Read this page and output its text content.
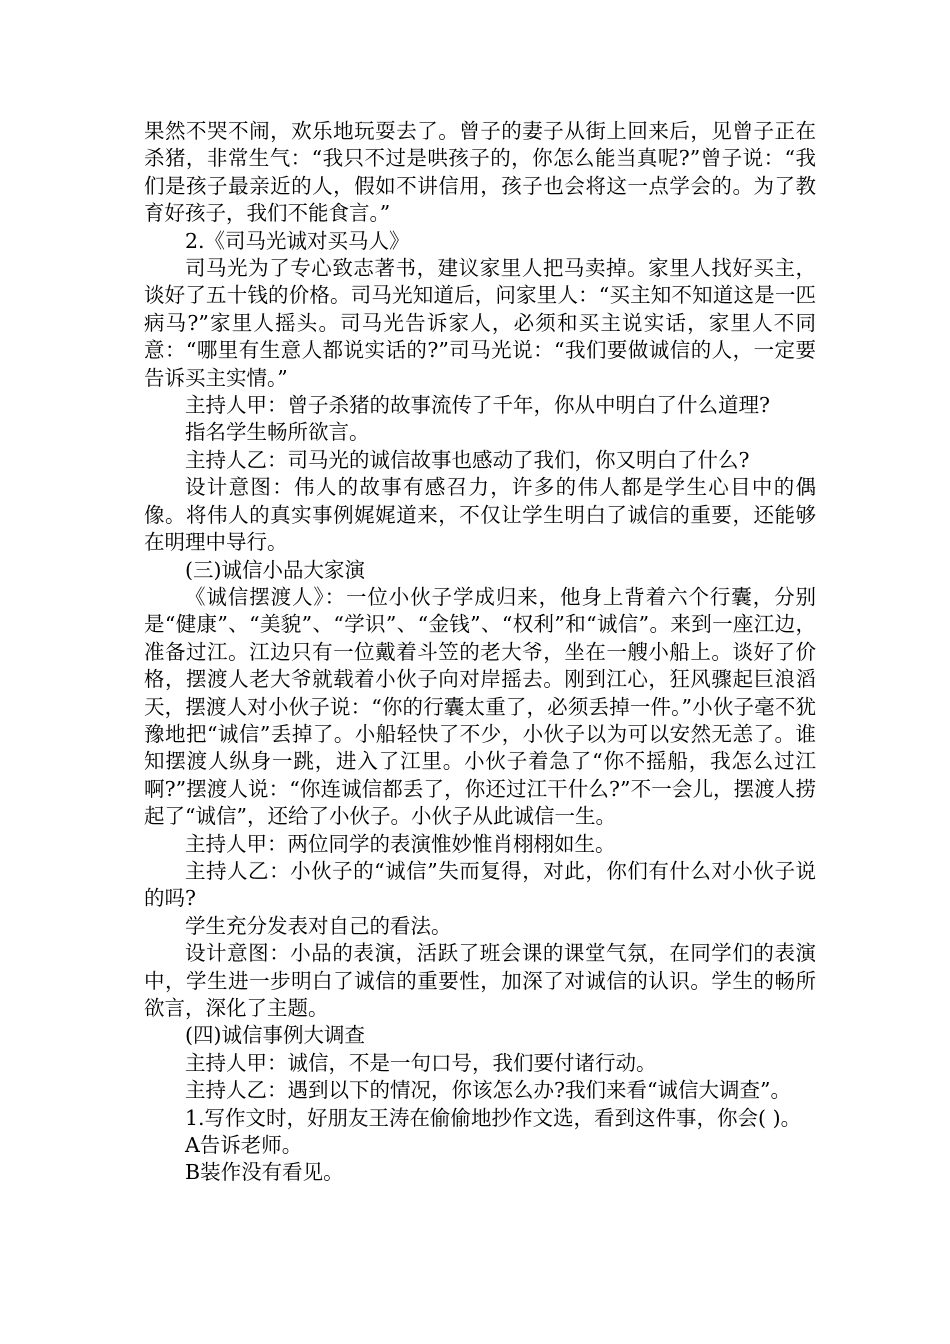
果然不哭不闹，欢乐地玩耍去了。曾子的妻子从街上回来后，见曾子正在杀猪，非常生气：“我只不过是哄孩子的，你怎么能当真呢?”曾子说：“我们是孩子最亲近的人，假如不讲信用，孩子也会将这一点学会的。为了教育好孩子，我们不能食言。”

2.《司马光诚对买马人》

司马光为了专心致志著书，建议家里人把马卖掉。家里人找好买主，谈好了五十钱的价格。司马光知道后，问家里人：“买主知不知道这是一匹病马?”家里人摇头。司马光告诉家人，必须和买主说实话，家里人不同意：“哪里有生意人都说实话的?”司马光说：“我们要做诚信的人，一定要告诉买主实情。”

主持人甲：曾子杀猪的故事流传了千年，你从中明白了什么道理?

指名学生畅所欲言。

主持人乙：司马光的诚信故事也感动了我们，你又明白了什么?

设计意图：伟人的故事有感召力，许多的伟人都是学生心目中的偶像。将伟人的真实事例娓娓道来，不仅让学生明白了诚信的重要，还能够在明理中导行。

(三)诚信小品大家演

《诚信摆渡人》：一位小伙子学成归来，他身上背着六个行囊，分别是“健康”、“美貌”、“学识”、“金钱”、“权利”和“诚信”。来到一座江边，准备过江。江边只有一位戴着斗笠的老大爷，坐在一艘小船上。谈好了价格，摆渡人老大爷就载着小伙子向对岸摇去。刚到江心，狂风骤起巨浪滔天，摆渡人对小伙子说：“你的行囊太重了，必须丢掉一件。”小伙子毫不犹豫地把“诚信”丢掉了。小船轻快了不少，小伙子以为可以安然无恙了。谁知摆渡人纵身一跳，进入了江里。小伙子着急了“你不摇船，我怎么过江啊?”摆渡人说：“你连诚信都丢了，你还过江干什么?”不一会儿，摆渡人捞起了“诚信”，还给了小伙子。小伙子从此诚信一生。

主持人甲：两位同学的表演惟妙惟肖栩栩如生。

主持人乙：小伙子的“诚信”失而复得，对此，你们有什么对小伙子说的吗?

学生充分发表对自己的看法。

设计意图：小品的表演，活跃了班会课的课堂气氛，在同学们的表演中，学生进一步明白了诚信的重要性，加深了对诚信的认识。学生的畅所欲言，深化了主题。

(四)诚信事例大调查

主持人甲：诚信，不是一句口号，我们要付诸行动。

主持人乙：遇到以下的情况，你该怎么办?我们来看“诚信大调查”。

1.写作文时，好朋友王涛在偷偷地抄作文选，看到这件事，你会( )。

A告诉老师。

B装作没有看见。
